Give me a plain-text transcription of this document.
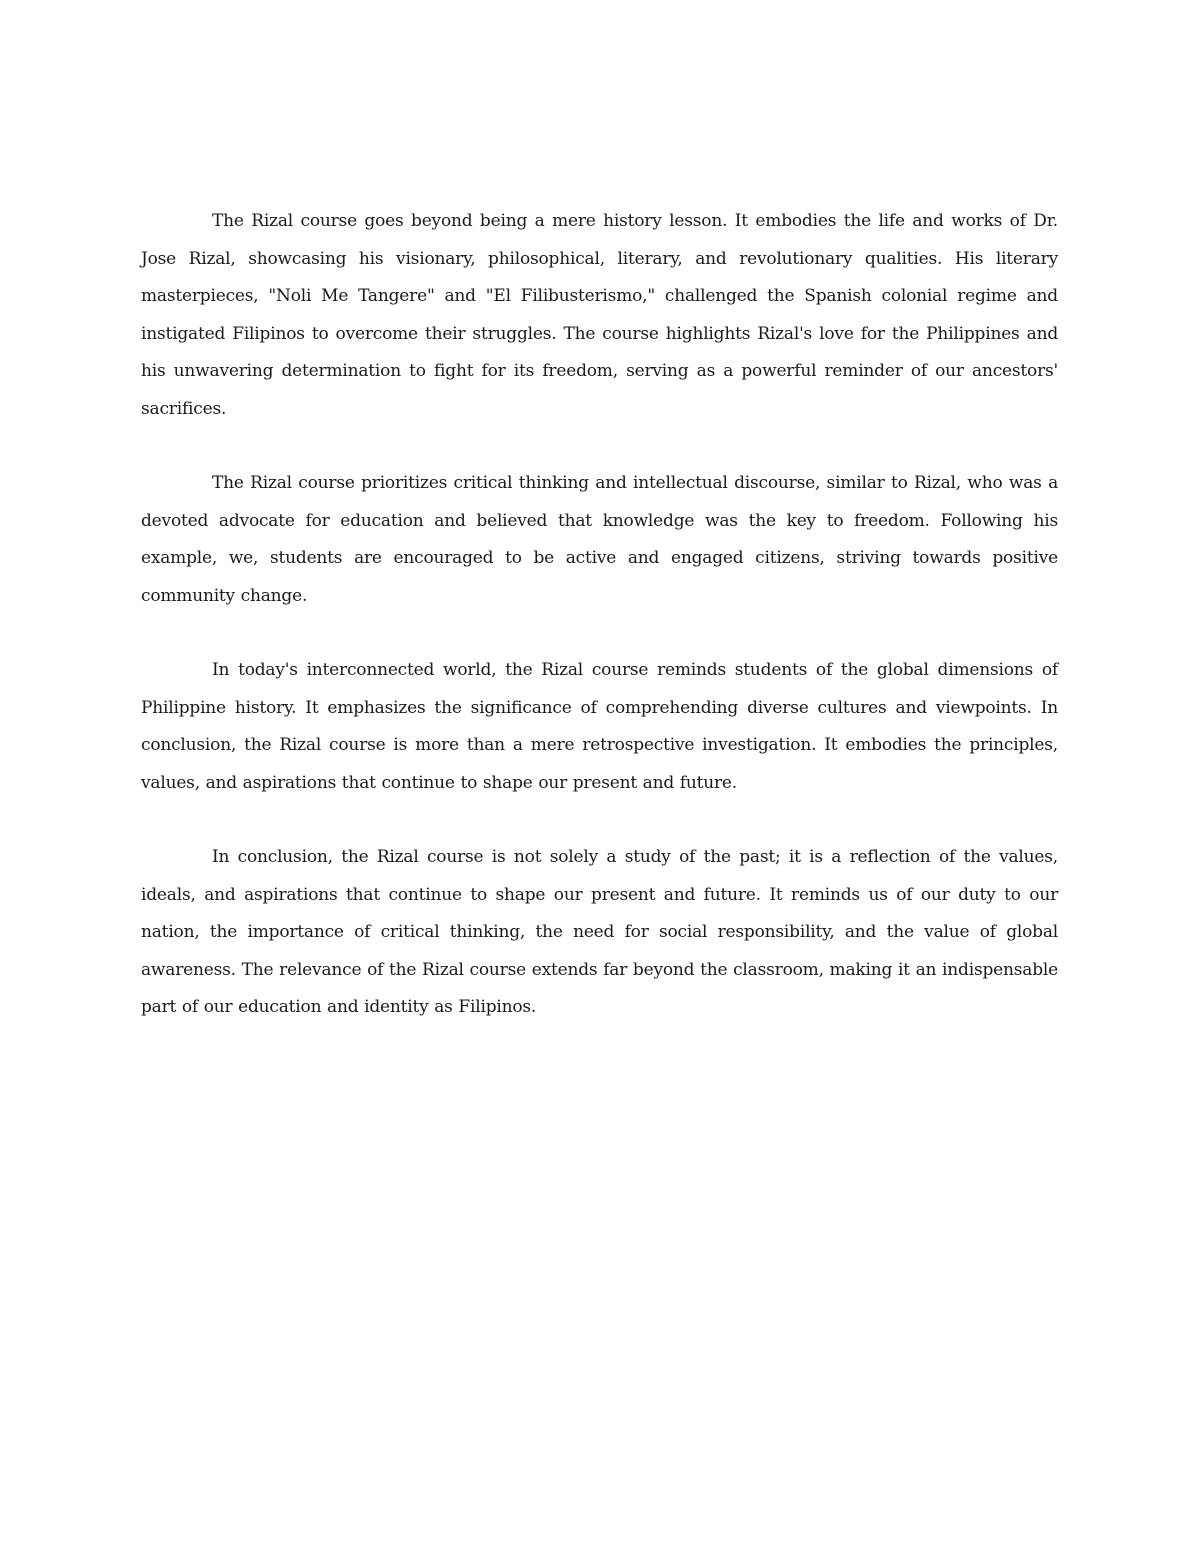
The Rizal course goes beyond being a mere history lesson. It embodies the life and works of Dr. Jose Rizal, showcasing his visionary, philosophical, literary, and revolutionary qualities. His literary masterpieces, "Noli Me Tangere" and "El Filibusterismo," challenged the Spanish colonial regime and instigated Filipinos to overcome their struggles. The course highlights Rizal's love for the Philippines and his unwavering determination to fight for its freedom, serving as a powerful reminder of our ancestors' sacrifices.

The Rizal course prioritizes critical thinking and intellectual discourse, similar to Rizal, who was a devoted advocate for education and believed that knowledge was the key to freedom. Following his example, we, students are encouraged to be active and engaged citizens, striving towards positive community change.

In today's interconnected world, the Rizal course reminds students of the global dimensions of Philippine history. It emphasizes the significance of comprehending diverse cultures and viewpoints. In conclusion, the Rizal course is more than a mere retrospective investigation. It embodies the principles, values, and aspirations that continue to shape our present and future.

In conclusion, the Rizal course is not solely a study of the past; it is a reflection of the values, ideals, and aspirations that continue to shape our present and future. It reminds us of our duty to our nation, the importance of critical thinking, the need for social responsibility, and the value of global awareness. The relevance of the Rizal course extends far beyond the classroom, making it an indispensable part of our education and identity as Filipinos.
